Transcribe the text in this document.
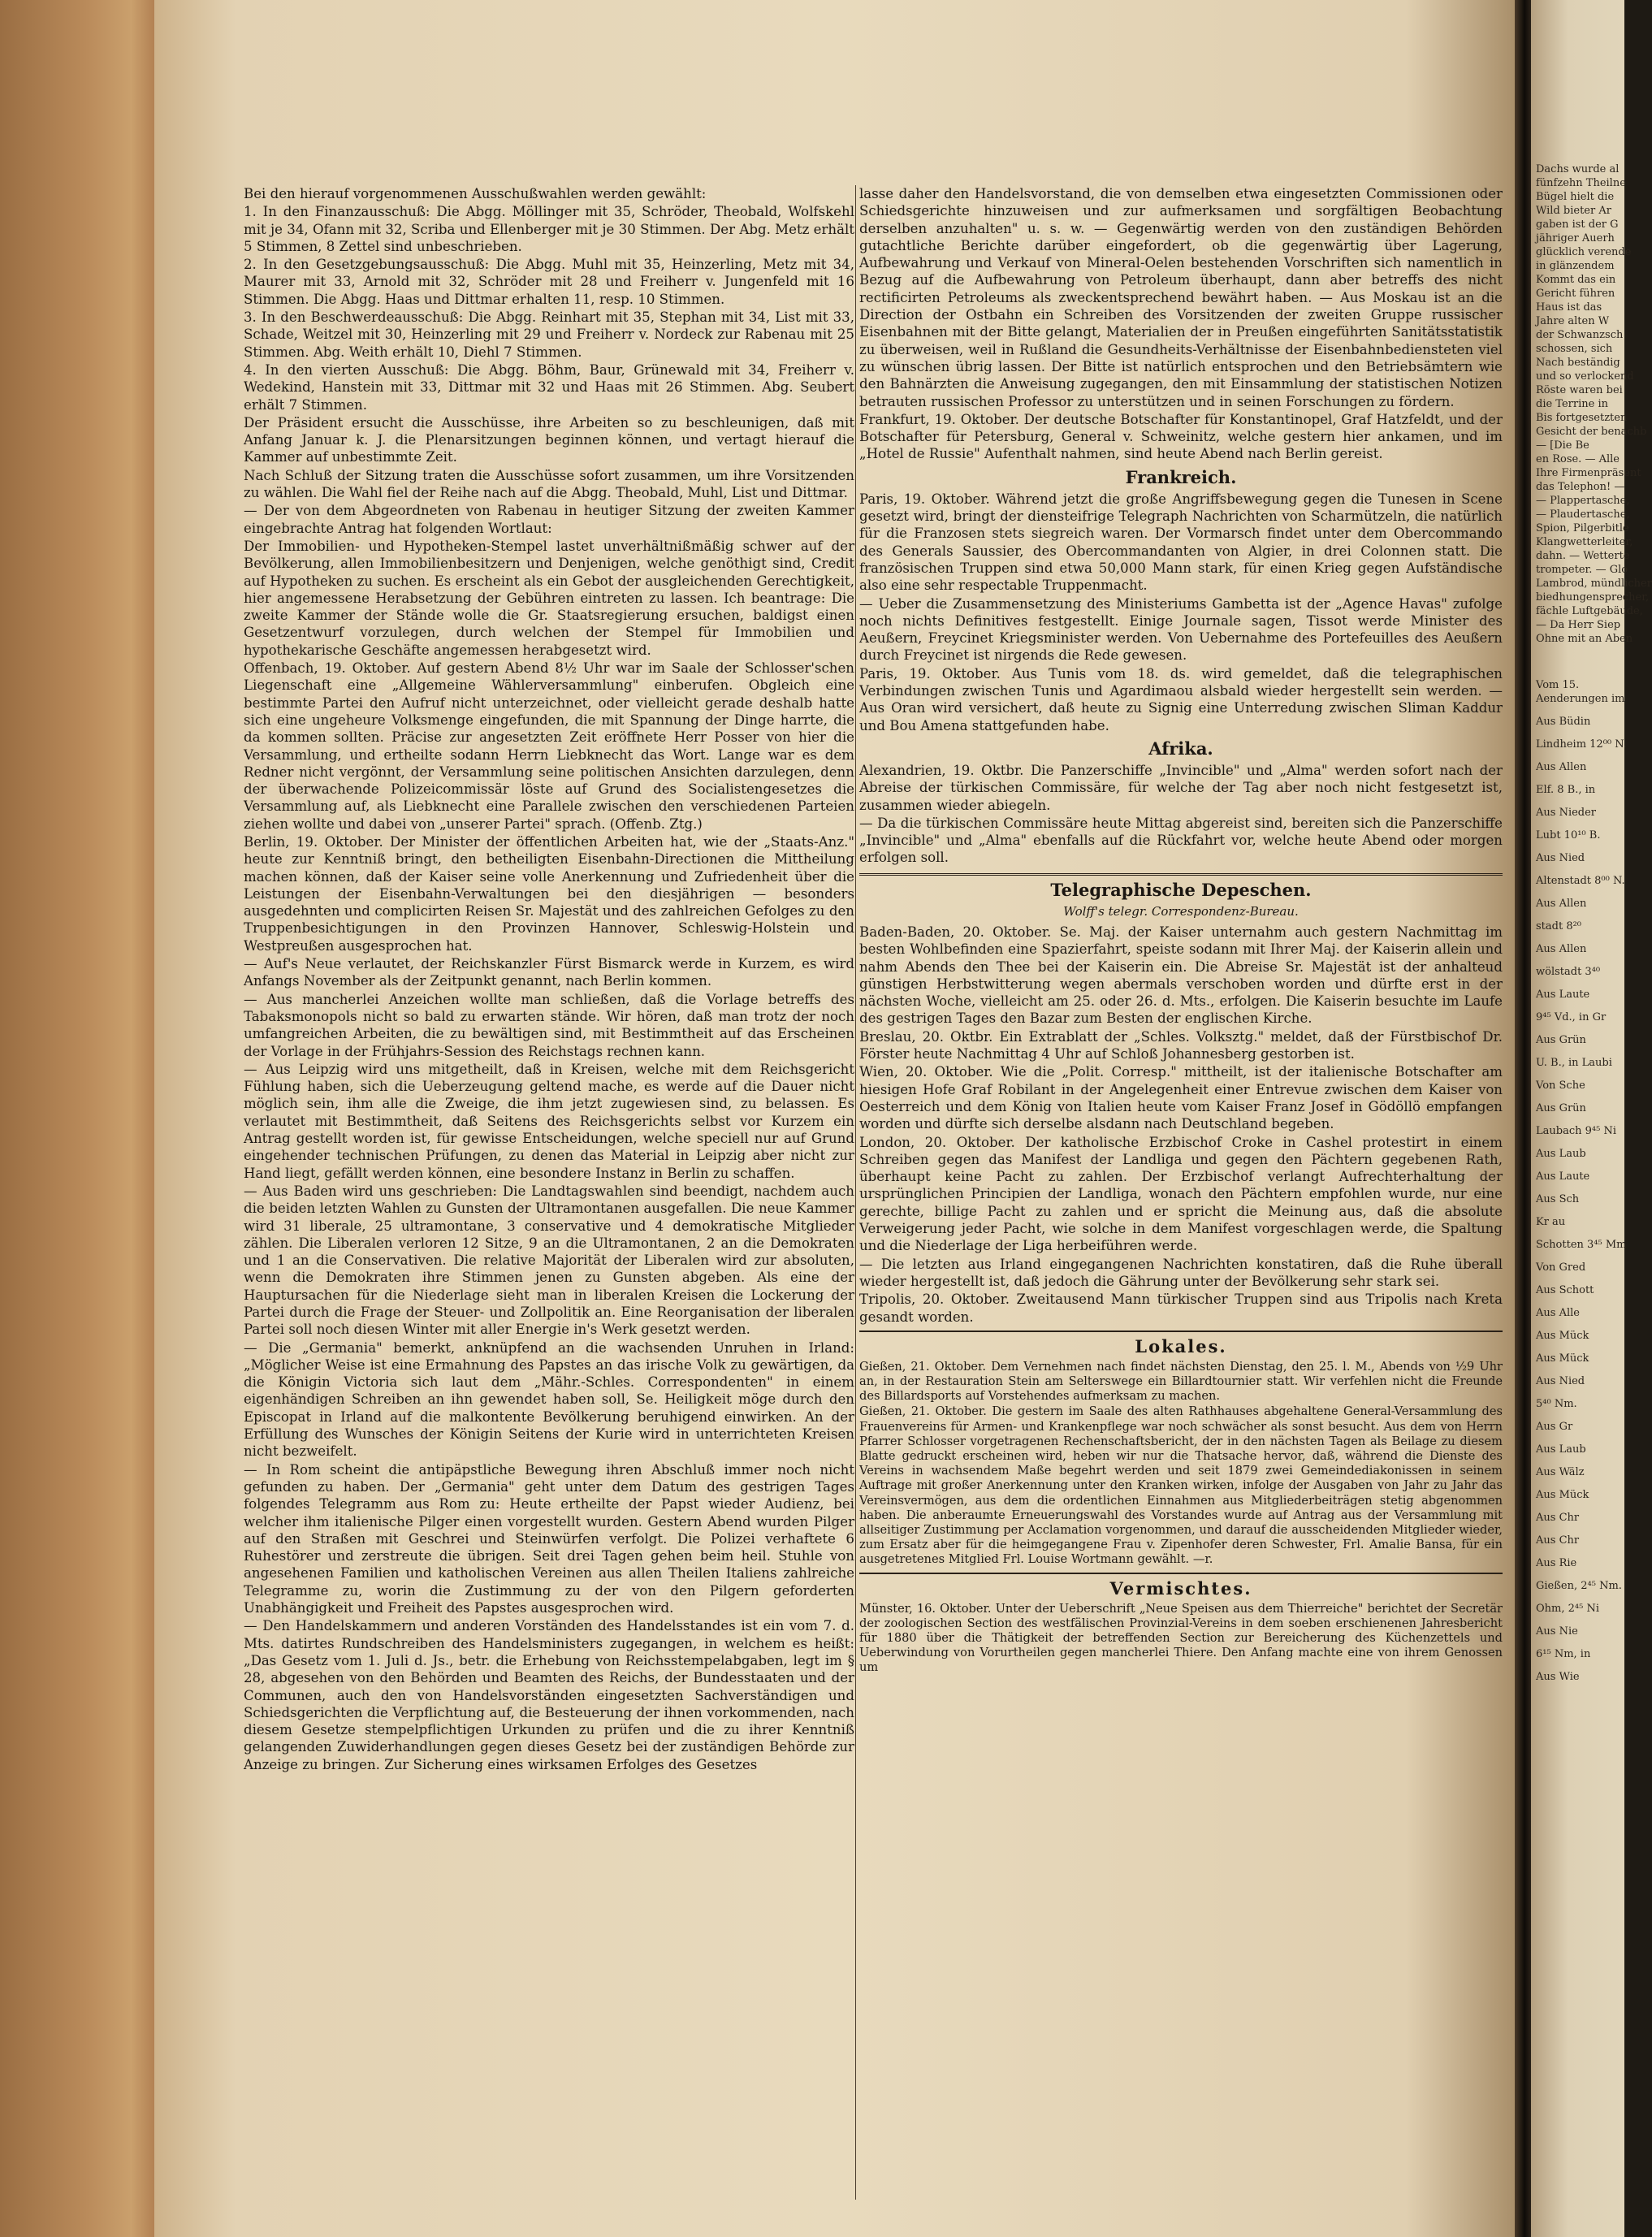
Bei den hierauf vorgenommenen Ausschußwahlen werden gewählt:

1. In den Finanzausschuß: Die Abgg. Möllinger mit 35, Schröder, Theobald, Wolfskehl mit je 34, Ofann mit 32, Scriba und Ellenberger mit je 30 Stimmen. Der Abg. Metz erhält 5 Stimmen, 8 Zettel sind unbeschrieben.

2. In den Gesetzgebungsausschuß: Die Abgg. Muhl mit 35, Heinzerling, Metz mit 34, Maurer mit 33, Arnold mit 32, Schröder mit 28 und Freiherr v. Jungenfeld mit 16 Stimmen. Die Abgg. Haas und Dittmar erhalten 11, resp. 10 Stimmen.

3. In den Beschwerdeausschuß: Die Abgg. Reinhart mit 35, Stephan mit 34, List mit 33, Schade, Weitzel mit 30, Heinzerling mit 29 und Freiherr v. Nordeck zur Rabenau mit 25 Stimmen. Abg. Weith erhält 10, Diehl 7 Stimmen.

4. In den vierten Ausschuß: Die Abgg. Böhm, Baur, Grünewald mit 34, Freiherr v. Wedekind, Hanstein mit 33, Dittmar mit 32 und Haas mit 26 Stimmen. Abg. Seubert erhält 7 Stimmen.

Der Präsident ersucht die Ausschüsse, ihre Arbeiten so zu beschleunigen, daß mit Anfang Januar k. J. die Plenarsitzungen beginnen können, und vertagt hierauf die Kammer auf unbestimmte Zeit.

Nach Schluß der Sitzung traten die Ausschüsse sofort zusammen, um ihre Vorsitzenden zu wählen. Die Wahl fiel der Reihe nach auf die Abgg. Theobald, Muhl, List und Dittmar.

— Der von dem Abgeordneten von Rabenau in heutiger Sitzung der zweiten Kammer eingebrachte Antrag hat folgenden Wortlaut:

Der Immobilien- und Hypotheken-Stempel lastet unverhältnißmäßig schwer auf der Bevölkerung, allen Immobilienbesitzern und Denjenigen, welche genöthigt sind, Credit auf Hypotheken zu suchen. Es erscheint als ein Gebot der ausgleichenden Gerechtigkeit, hier angemessene Herabsetzung der Gebühren eintreten zu lassen. Ich beantrage: Die zweite Kammer der Stände wolle die Gr. Staatsregierung ersuchen, baldigst einen Gesetzentwurf vorzulegen, durch welchen der Stempel für Immobilien und hypothekarische Geschäfte angemessen herabgesetzt wird.

Offenbach, 19. Oktober. Auf gestern Abend 8½ Uhr war im Saale der Schlosser'schen Liegenschaft eine „Allgemeine Wählerversammlung" einberufen. Obgleich eine bestimmte Partei den Aufruf nicht unterzeichnet, oder vielleicht gerade deshalb hatte sich eine ungeheure Volksmenge eingefunden, die mit Spannung der Dinge harrte, die da kommen sollten. Präcise zur angesetzten Zeit eröffnete Herr Posser von hier die Versammlung, und ertheilte sodann Herrn Liebknecht das Wort. Lange war es dem Redner nicht vergönnt, der Versammlung seine politischen Ansichten darzulegen, denn der überwachende Polizeicommissär löste auf Grund des Socialistengesetzes die Versammlung auf, als Liebknecht eine Parallele zwischen den verschiedenen Parteien ziehen wollte und dabei von „unserer Partei" sprach. (Offenb. Ztg.)

Berlin, 19. Oktober. Der Minister der öffentlichen Arbeiten hat, wie der „Staats-Anz." heute zur Kenntniß bringt, den betheiligten Eisenbahn-Directionen die Mittheilung machen können, daß der Kaiser seine volle Anerkennung und Zufriedenheit über die Leistungen der Eisenbahn-Verwaltungen bei den diesjährigen — besonders ausgedehnten und complicirten Reisen Sr. Majestät und des zahlreichen Gefolges zu den Truppenbesichtigungen in den Provinzen Hannover, Schleswig-Holstein und Westpreußen ausgesprochen hat.

— Auf's Neue verlautet, der Reichskanzler Fürst Bismarck werde in Kurzem, es wird Anfangs November als der Zeitpunkt genannt, nach Berlin kommen.

— Aus mancherlei Anzeichen wollte man schließen, daß die Vorlage betreffs des Tabaksmonopols nicht so bald zu erwarten stände. Wir hören, daß man trotz der noch umfangreichen Arbeiten, die zu bewältigen sind, mit Bestimmtheit auf das Erscheinen der Vorlage in der Frühjahrs-Session des Reichstags rechnen kann.

— Aus Leipzig wird uns mitgetheilt, daß in Kreisen, welche mit dem Reichsgericht Fühlung haben, sich die Ueberzeugung geltend mache, es werde auf die Dauer nicht möglich sein, ihm alle die Zweige, die ihm jetzt zugewiesen sind, zu belassen. Es verlautet mit Bestimmtheit, daß Seitens des Reichsgerichts selbst vor Kurzem ein Antrag gestellt worden ist, für gewisse Entscheidungen, welche speciell nur auf Grund eingehender technischen Prüfungen, zu denen das Material in Leipzig aber nicht zur Hand liegt, gefällt werden können, eine besondere Instanz in Berlin zu schaffen.

— Aus Baden wird uns geschrieben: Die Landtagswahlen sind beendigt, nachdem auch die beiden letzten Wahlen zu Gunsten der Ultramontanen ausgefallen. Die neue Kammer wird 31 liberale, 25 ultramontane, 3 conservative und 4 demokratische Mitglieder zählen. Die Liberalen verloren 12 Sitze, 9 an die Ultramontanen, 2 an die Demokraten und 1 an die Conservativen. Die relative Majorität der Liberalen wird zur absoluten, wenn die Demokraten ihre Stimmen jenen zu Gunsten abgeben. Als eine der Hauptursachen für die Niederlage sieht man in liberalen Kreisen die Lockerung der Partei durch die Frage der Steuer- und Zollpolitik an. Eine Reorganisation der liberalen Partei soll noch diesen Winter mit aller Energie in's Werk gesetzt werden.

— Die „Germania" bemerkt, anknüpfend an die wachsenden Unruhen in Irland: „Möglicher Weise ist eine Ermahnung des Papstes an das irische Volk zu gewärtigen, da die Königin Victoria sich laut dem „Mähr.-Schles. Correspondenten" in einem eigenhändigen Schreiben an ihn gewendet haben soll, Se. Heiligkeit möge durch den Episcopat in Irland auf die malkontente Bevölkerung beruhigend einwirken. An der Erfüllung des Wunsches der Königin Seitens der Kurie wird in unterrichteten Kreisen nicht bezweifelt.

— In Rom scheint die antipäpstliche Bewegung ihren Abschluß immer noch nicht gefunden zu haben. Der „Germania" geht unter dem Datum des gestrigen Tages folgendes Telegramm aus Rom zu: Heute ertheilte der Papst wieder Audienz, bei welcher ihm italienische Pilger einen vorgestellt wurden. Gestern Abend wurden Pilger auf den Straßen mit Geschrei und Steinwürfen verfolgt. Die Polizei verhaftete 6 Ruhestörer und zerstreute die übrigen. Seit drei Tagen gehen beim heil. Stuhle von angesehenen Familien und katholischen Vereinen aus allen Theilen Italiens zahlreiche Telegramme zu, worin die Zustimmung zu der von den Pilgern geforderten Unabhängigkeit und Freiheit des Papstes ausgesprochen wird.

— Den Handelskammern und anderen Vorständen des Handelsstandes ist ein vom 7. d. Mts. datirtes Rundschreiben des Handelsministers zugegangen, in welchem es heißt: „Das Gesetz vom 1. Juli d. Js., betr. die Erhebung von Reichsstempelabgaben, legt im § 28, abgesehen von den Behörden und Beamten des Reichs, der Bundesstaaten und der Communen, auch den von Handelsvorständen eingesetzten Sachverständigen und Schiedsgerichten die Verpflichtung auf, die Besteuerung der ihnen vorkommenden, nach diesem Gesetze stempelpflichtigen Urkunden zu prüfen und die zu ihrer Kenntniß gelangenden Zuwiderhandlungen gegen dieses Gesetz bei der zuständigen Behörde zur Anzeige zu bringen. Zur Sicherung eines wirksamen Erfolges des Gesetzes

lasse daher den Handelsvorstand, die von demselben etwa eingesetzten Commissionen oder Schiedsgerichte hinzuweisen und zur aufmerksamen und sorgfältigen Beobachtung derselben anzuhalten" u. s. w. — Gegenwärtig werden von den zuständigen Behörden gutachtliche Berichte darüber eingefordert, ob die gegenwärtig über Lagerung, Aufbewahrung und Verkauf von Mineral-Oelen bestehenden Vorschriften sich namentlich in Bezug auf die Aufbewahrung von Petroleum überhaupt, dann aber betreffs des nicht rectificirten Petroleums als zweckentsprechend bewährt haben. — Aus Moskau ist an die Direction der Ostbahn ein Schreiben des Vorsitzenden der zweiten Gruppe russischer Eisenbahnen mit der Bitte gelangt, Materialien der in Preußen eingeführten Sanitätsstatistik zu überweisen, weil in Rußland die Gesundheits-Verhältnisse der Eisenbahnbediensteten viel zu wünschen übrig lassen. Der Bitte ist natürlich entsprochen und den Betriebsämtern wie den Bahnärzten die Anweisung zugegangen, den mit Einsammlung der statistischen Notizen betrauten russischen Professor zu unterstützen und in seinen Forschungen zu fördern.

Frankfurt, 19. Oktober. Der deutsche Botschafter für Konstantinopel, Graf Hatzfeldt, und der Botschafter für Petersburg, General v. Schweinitz, welche gestern hier ankamen, und im „Hotel de Russie" Aufenthalt nahmen, sind heute Abend nach Berlin gereist.

Frankreich.

Paris, 19. Oktober. Während jetzt die große Angriffsbewegung gegen die Tunesen in Scene gesetzt wird, bringt der diensteifrige Telegraph Nachrichten von Scharmützeln, die natürlich für die Franzosen stets siegreich waren. Der Vormarsch findet unter dem Obercommando des Generals Saussier, des Obercommandanten von Algier, in drei Colonnen statt. Die französischen Truppen sind etwa 50,000 Mann stark, für einen Krieg gegen Aufständische also eine sehr respectable Truppenmacht.

— Ueber die Zusammensetzung des Ministeriums Gambetta ist der „Agence Havas" zufolge noch nichts Definitives festgestellt. Einige Journale sagen, Tissot werde Minister des Aeußern, Freycinet Kriegsminister werden. Von Uebernahme des Portefeuilles des Aeußern durch Freycinet ist nirgends die Rede gewesen.

Paris, 19. Oktober. Aus Tunis vom 18. ds. wird gemeldet, daß die telegraphischen Verbindungen zwischen Tunis und Agardimaou alsbald wieder hergestellt sein werden. — Aus Oran wird versichert, daß heute zu Signig eine Unterredung zwischen Sliman Kaddur und Bou Amena stattgefunden habe.

Afrika.

Alexandrien, 19. Oktbr. Die Panzerschiffe „Invincible" und „Alma" werden sofort nach der Abreise der türkischen Commissäre, für welche der Tag aber noch nicht festgesetzt ist, zusammen wieder abiegeln.

— Da die türkischen Commissäre heute Mittag abgereist sind, bereiten sich die Panzerschiffe „Invincible" und „Alma" ebenfalls auf die Rückfahrt vor, welche heute Abend oder morgen erfolgen soll.

Telegraphische Depeschen.
Wolff's telegr. Correspondenz-Bureau.

Baden-Baden, 20. Oktober. Se. Maj. der Kaiser unternahm auch gestern Nachmittag im besten Wohlbefinden eine Spazierfahrt, speiste sodann mit Ihrer Maj. der Kaiserin allein und nahm Abends den Thee bei der Kaiserin ein. Die Abreise Sr. Majestät ist der anhalteud günstigen Herbstwitterung wegen abermals verschoben worden und dürfte erst in der nächsten Woche, vielleicht am 25. oder 26. d. Mts., erfolgen. Die Kaiserin besuchte im Laufe des gestrigen Tages den Bazar zum Besten der englischen Kirche.

Breslau, 20. Oktbr. Ein Extrablatt der „Schles. Volksztg." meldet, daß der Fürstbischof Dr. Förster heute Nachmittag 4 Uhr auf Schloß Johannesberg gestorben ist.

Wien, 20. Oktober. Wie die „Polit. Corresp." mittheilt, ist der italienische Botschafter am hiesigen Hofe Graf Robilant in der Angelegenheit einer Entrevue zwischen dem Kaiser von Oesterreich und dem König von Italien heute vom Kaiser Franz Josef in Gödöllö empfangen worden und dürfte sich derselbe alsdann nach Deutschland begeben.

London, 20. Oktober. Der katholische Erzbischof Croke in Cashel protestirt in einem Schreiben gegen das Manifest der Landliga und gegen den Pächtern gegebenen Rath, überhaupt keine Pacht zu zahlen. Der Erzbischof verlangt Aufrechterhaltung der ursprünglichen Principien der Landliga, wonach den Pächtern empfohlen wurde, nur eine gerechte, billige Pacht zu zahlen und er spricht die Meinung aus, daß die absolute Verweigerung jeder Pacht, wie solche in dem Manifest vorgeschlagen werde, die Spaltung und die Niederlage der Liga herbeiführen werde.

— Die letzten aus Irland eingegangenen Nachrichten konstatiren, daß die Ruhe überall wieder hergestellt ist, daß jedoch die Gährung unter der Bevölkerung sehr stark sei.

Tripolis, 20. Oktober. Zweitausend Mann türkischer Truppen sind aus Tripolis nach Kreta gesandt worden.

Lokales.

Gießen, 21. Oktober. Dem Vernehmen nach findet nächsten Dienstag, den 25. l. M., Abends von ½9 Uhr an, in der Restauration Stein am Selterswege ein Billardtournier statt. Wir verfehlen nicht die Freunde des Billardsports auf Vorstehendes aufmerksam zu machen.

Gießen, 21. Oktober. Die gestern im Saale des alten Rathhauses abgehaltene General-Versammlung des Frauenvereins für Armen- und Krankenpflege war noch schwächer als sonst besucht. Aus dem von Herrn Pfarrer Schlosser vorgetragenen Rechenschaftsbericht, der in den nächsten Tagen als Beilage zu diesem Blatte gedruckt erscheinen wird, heben wir nur die Thatsache hervor, daß, während die Dienste des Vereins in wachsendem Maße begehrt werden und seit 1879 zwei Gemeindediakonissen in seinem Auftrage mit großer Anerkennung unter den Kranken wirken, infolge der Ausgaben von Jahr zu Jahr das Vereinsvermögen, aus dem die ordentlichen Einnahmen aus Mitgliederbeiträgen stetig abgenommen haben. Die anberaumte Erneuerungswahl des Vorstandes wurde auf Antrag aus der Versammlung mit allseitiger Zustimmung per Acclamation vorgenommen, und darauf die ausscheidenden Mitglieder wieder, zum Ersatz aber für die heimgegangene Frau v. Zipenhofer deren Schwester, Frl. Amalie Bansa, für ein ausgetretenes Mitglied Frl. Louise Wortmann gewählt. —r.

Vermischtes.

Münster, 16. Oktober. Unter der Ueberschrift „Neue Speisen aus dem Thierreiche" berichtet der Secretär der zoologischen Section des westfälischen Provinzial-Vereins in dem soeben erschienenen Jahresbericht für 1880 über die Thätigkeit der betreffenden Section zur Bereicherung des Küchenzettels und Ueberwindung von Vorurtheilen gegen mancherlei Thiere. Den Anfang machte eine von ihrem Genossen um

Dachs wurde al
fünfzehn Theilne
Bügel hielt die
Wild bieter Ar
gaben ist der G
jähriger Auerh
glücklich verende
in glänzendem
Kommt das ein
Gericht führen
Haus ist das
Jahre alten W
der Schwanzsch
schossen, sich
Nach beständig
und so verlockend
Röste waren bei
die Terrine in
Bis fortgesetzten
Gesicht der benachb
— [Die Be
en Rose. — Alle
Ihre Firmenpräsent
das Telephon! —
— Plappertasche,
— Plaudertasche,
Spion, Pilgerbitle
Klangwetterleiter,
dahn. — Wetterte
trompeter. — Glo
Lambrod, mündlicher
biedhungensprecher,
fächle Luftgebäude,
— Da Herr Siep
Ohne mit an Aben
Vom 15.
Aenderungen im
Aus Büdin
Lindheim 12⁰⁰ N.
Aus Allen
Elf. 8 B., in
Aus Nieder
Lubt 10¹⁰ B.
Aus Nied
Altenstadt 8⁰⁰ N.
Aus Allen
stadt 8²⁰
Aus Allen
wölstadt 3⁴⁰
Aus Laute
9⁴⁵ Vd., in Gr
Aus Grün
U. B., in Laubi
Von Sche
Aus Grün
Laubach 9⁴⁵ Ni
Aus Laub
Aus Laute
Aus Sch
Kr au
Schotten 3⁴⁵ Mm
Von Gred
Aus Schott
Aus Alle
Aus Mück
Aus Mück
Aus Nied
5⁴⁰ Nm.
Aus Gr
Aus Laub
Aus Wälz
Aus Mück
Aus Chr
Aus Chr
Aus Rie
Gießen, 2⁴⁵ Nm.
Ohm, 2⁴⁵ Ni
Aus Nie
6¹⁵ Nm, in
Aus Wie
